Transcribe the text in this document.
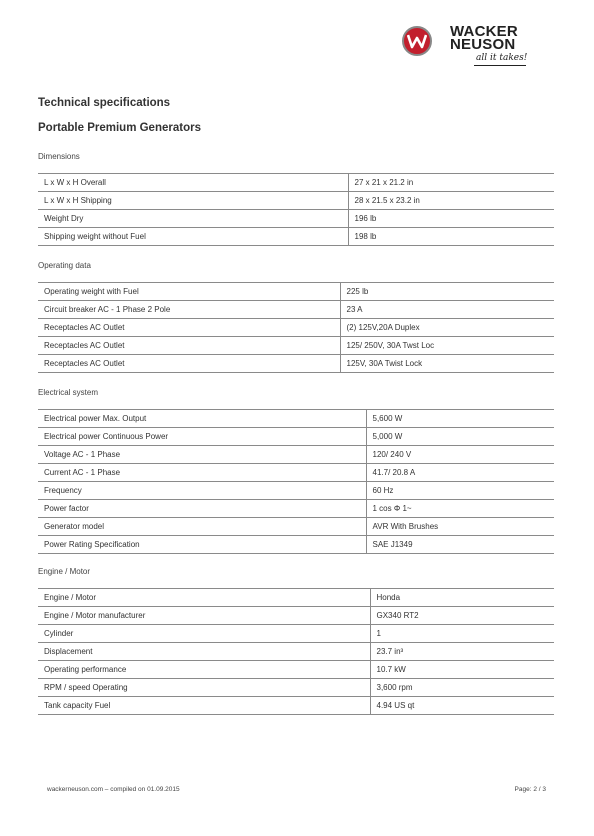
WACKER
NEUSON
all it takes!
Technical specifications
Portable Premium Generators
Dimensions
L x W x H Overall	27 x 21 x 21.2 in
L x W x H Shipping	28 x 21.5 x 23.2 in
Weight Dry	196 lb
Shipping weight without Fuel	198 lb
Operating data
Operating weight with Fuel	225 lb
Circuit breaker AC - 1 Phase 2 Pole	23 A
Receptacles AC Outlet	(2) 125V,20A Duplex
Receptacles AC Outlet	125/ 250V, 30A Twst Loc
Receptacles AC Outlet	125V, 30A Twist Lock
Electrical system
Electrical power Max. Output	5,600 W
Electrical power Continuous Power	5,000 W
Voltage AC - 1 Phase	120/ 240 V
Current AC - 1 Phase	41.7/ 20.8 A
Frequency	60 Hz
Power factor	1 cos Φ 1~
Generator model	AVR With Brushes
Power Rating Specification	SAE J1349
Engine / Motor
Engine / Motor	Honda
Engine / Motor manufacturer	GX340 RT2
Cylinder	1
Displacement	23.7 in³
Operating performance	10.7 kW
RPM / speed Operating	3,600 rpm
Tank capacity Fuel	4.94 US qt
wackerneuson.com – compiled on 01.09.2015	Page: 2 / 3
